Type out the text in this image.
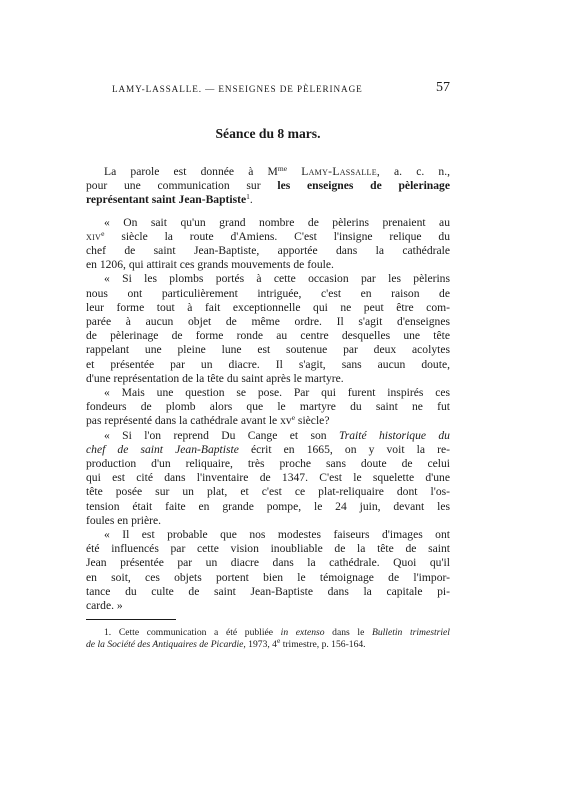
LAMY-LASSALLE. — ENSEIGNES DE PÈLERINAGE	57
Séance du 8 mars.

La parole est donnée à $M^{me}$ Lamy-Lassalle, a. c. n.,
pour une communication sur les enseignes de pèlerinage
représentant saint Jean-Baptiste$^1$.

« On sait qu'un grand nombre de pèlerins prenaient au
xiv$^e$ siècle la route d'Amiens. C'est l'insigne relique du
chef de saint Jean-Baptiste, apportée dans la cathédrale
en 1206, qui attirait ces grands mouvements de foule.

« Si les plombs portés à cette occasion par les pèlerins
nous ont particulièrement intriguée, c'est en raison de
leur forme tout à fait exceptionnelle qui ne peut être com-
parée à aucun objet de même ordre. Il s'agit d'enseignes
de pèlerinage de forme ronde au centre desquelles une tête
rappelant une pleine lune est soutenue par deux acolytes
et présentée par un diacre. Il s'agit, sans aucun doute,
d'une représentation de la tête du saint après le martyre.

« Mais une question se pose. Par qui furent inspirés ces
fondeurs de plomb alors que le martyre du saint ne fut
pas représenté dans la cathédrale avant le $xv^e$ siècle?

« Si l'on reprend Du Cange et son Traité historique du
chef de saint Jean-Baptiste écrit en 1665, on y voit la re-
production d'un reliquaire, très proche sans doute de celui
qui est cité dans l'inventaire de 1347. C'est le squelette d'une
tête posée sur un plat, et c'est ce plat-reliquaire dont l'os-
tension était faite en grande pompe, le 24 juin, devant les
foules en prière.

« Il est probable que nos modestes faiseurs d'images ont
été influencés par cette vision inoubliable de la tête de saint
Jean présentée par un diacre dans la cathédrale. Quoi qu'il
en soit, ces objets portent bien le témoignage de l'impor-
tance du culte de saint Jean-Baptiste dans la capitale pi-
carde. »

1. Cette communication a été publiée in extenso dans le Bulletin trimestriel
de la Société des Antiquaires de Picardie, 1973, 4e trimestre, p. 156-164.
